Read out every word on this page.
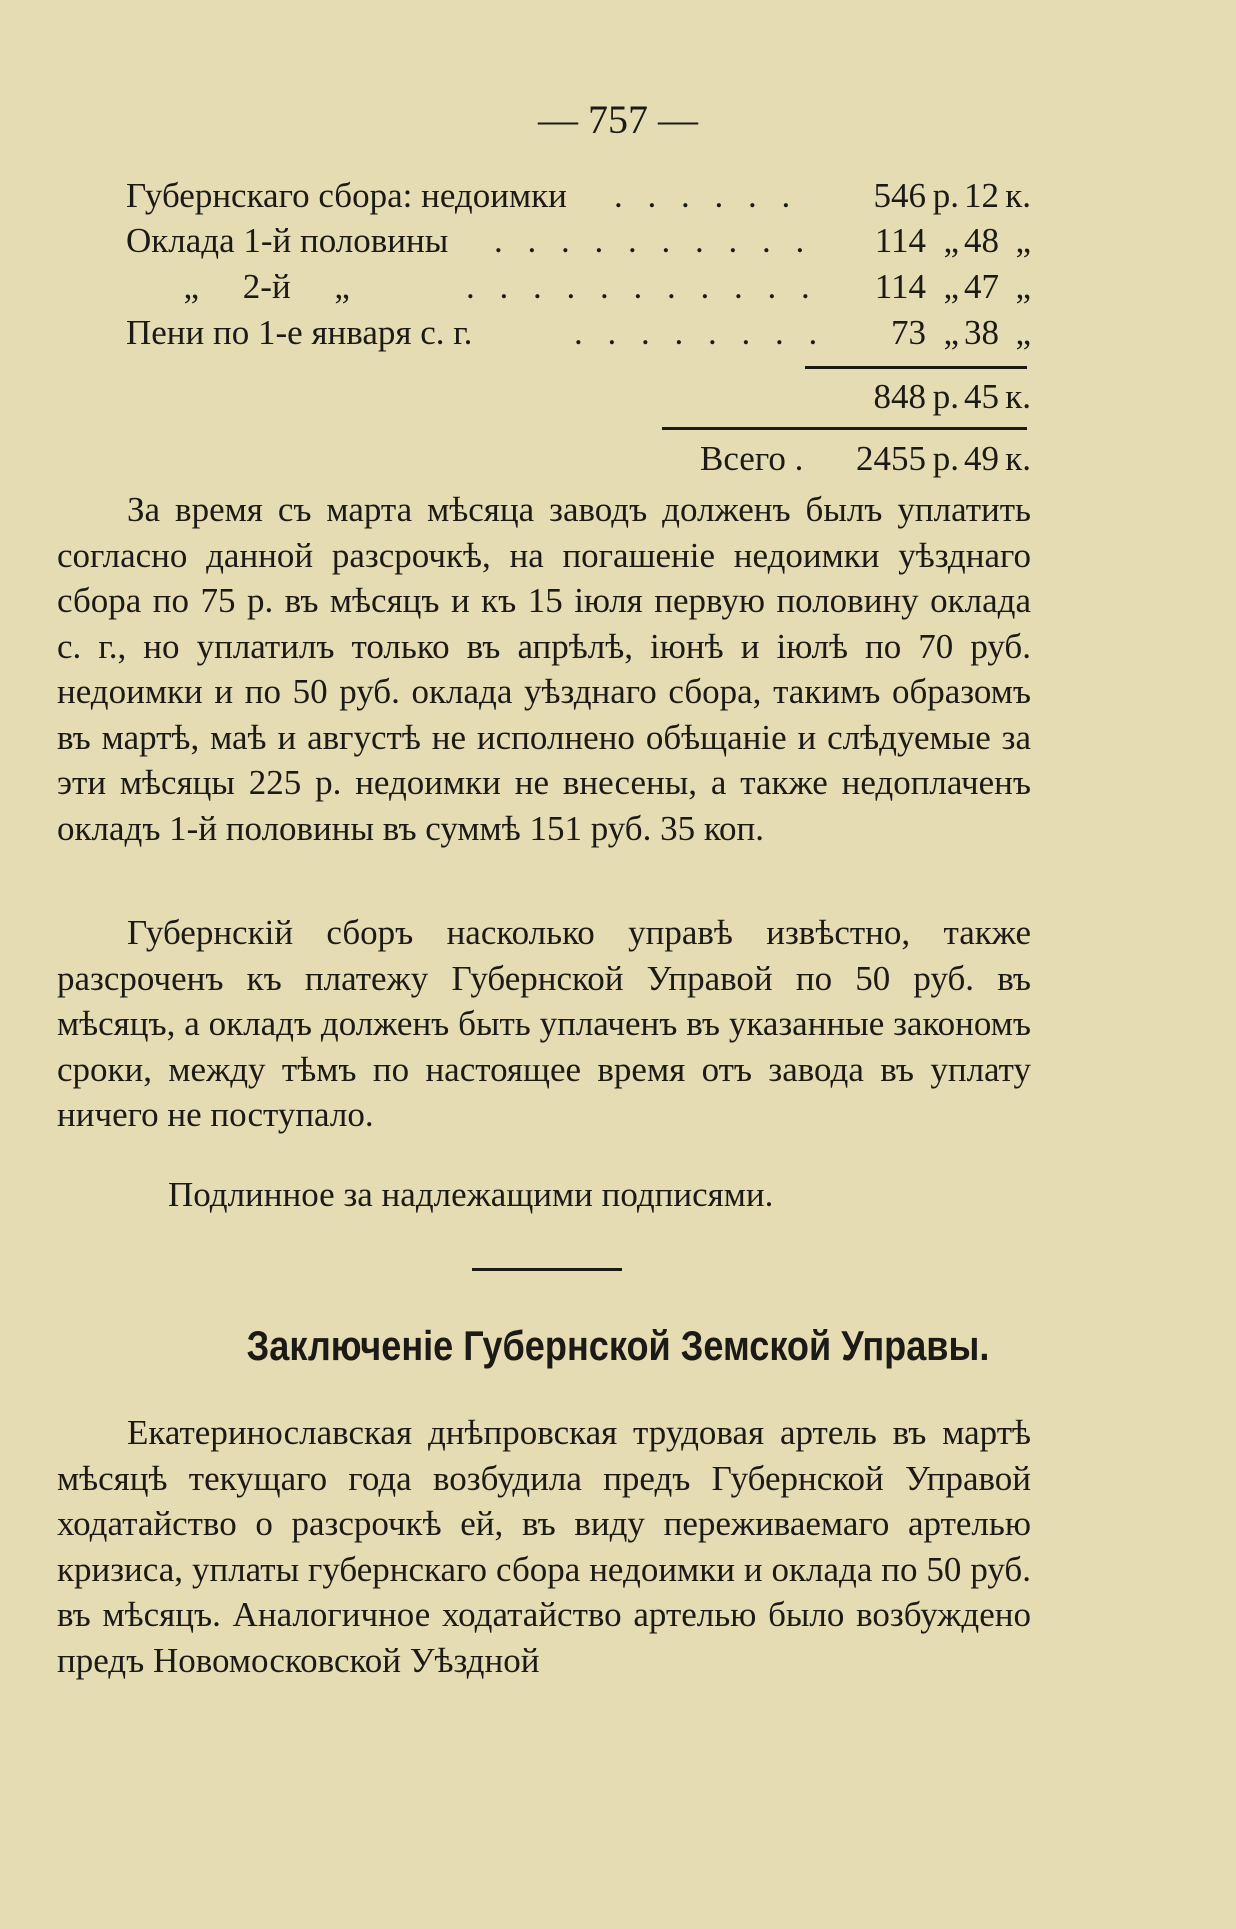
— 757 —
Губернскаго сбора: недоимки . . . . . . 546 р. 12 к.
Оклада 1-й половины . . . . . . . . . . 114 „ 48 „
„     2-й     „	. . . . . . . . . . . 114 „ 47 „
Пени по 1-е января с. г.	. . . . . . . . 73 „ 38 „
848 р. 45 к.
Всего . 2455 р. 49 к.

За время съ марта мѣсяца заводъ долженъ былъ уплатить согласно данной разсрочкѣ, на погашеніе недоимки уѣзднаго сбора по 75 р. въ мѣсяцъ и къ 15 іюля первую половину оклада с. г., но уплатилъ только въ апрѣлѣ, іюнѣ и іюлѣ по 70 руб. недоимки и по 50 руб. оклада уѣзднаго сбора, такимъ образомъ въ мартѣ, маѣ и августѣ не исполнено обѣщаніе и слѣдуемые за эти мѣсяцы 225 р. недоимки не внесены, а также недоплаченъ окладъ 1-й половины въ суммѣ 151 руб. 35 коп.

Губернскій сборъ насколько управѣ извѣстно, также разсроченъ къ платежу Губернской Управой по 50 руб. въ мѣсяцъ, а окладъ долженъ быть уплаченъ въ указанные закономъ сроки, между тѣмъ по настоящее время отъ завода въ уплату ничего не поступало.

Подлинное за надлежащими подписями.
Заключеніе Губернской Земской Управы.

Екатеринославская днѣпровская трудовая артель въ мартѣ мѣсяцѣ текущаго года возбудила предъ Губернской Управой ходатайство о разсрочкѣ ей, въ виду переживаемаго артелью кризиса, уплаты губернскаго сбора недоимки и оклада по 50 руб. въ мѣсяцъ. Аналогичное ходатайство артелью было возбуждено предъ Новомосковской Уѣздной
